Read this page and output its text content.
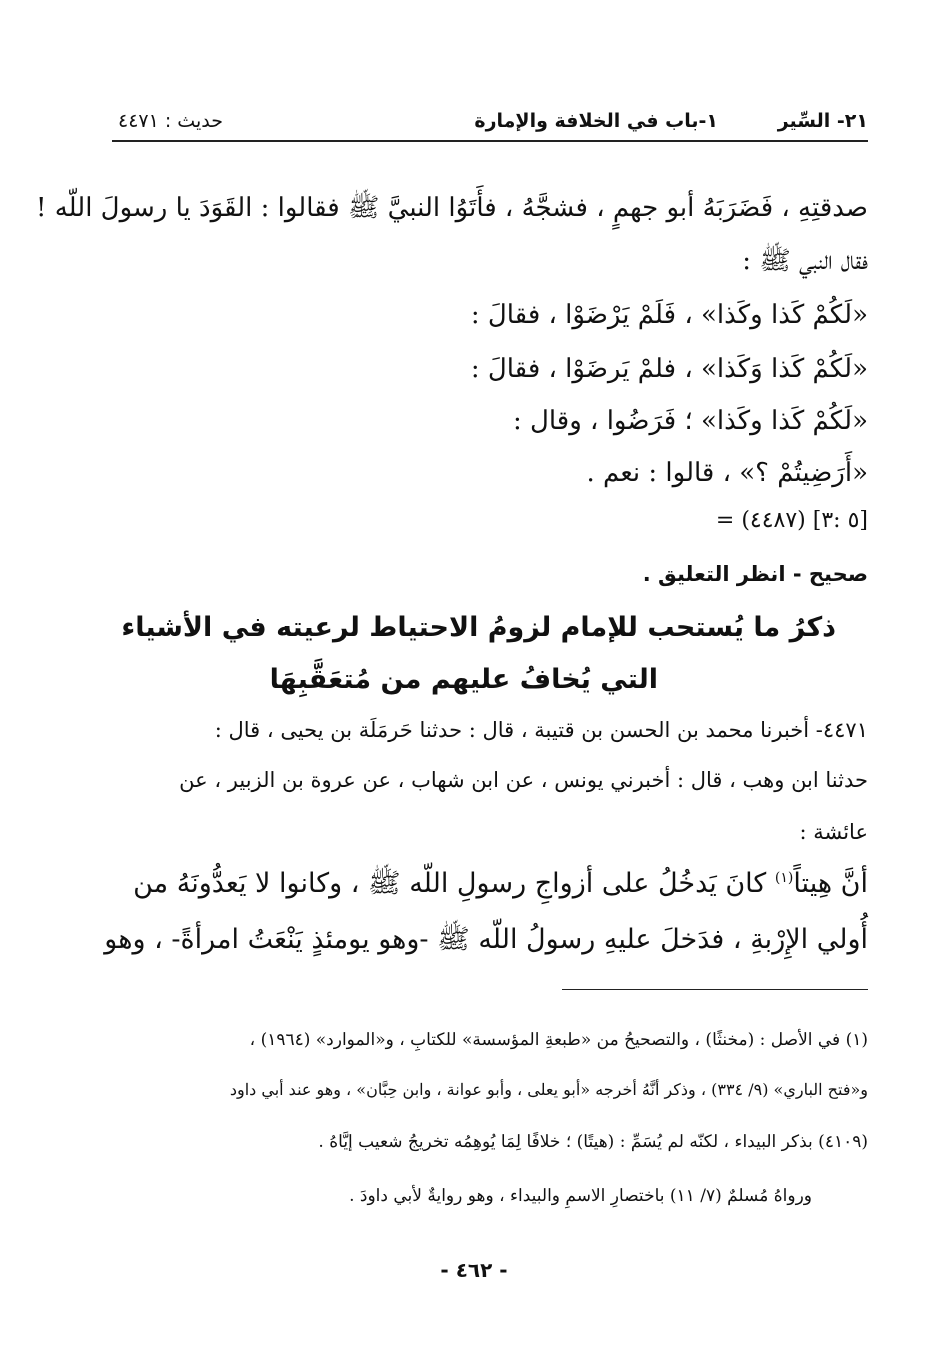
٢١- السِّير
١-باب في الخلافة والإمارة
حديث : ٤٤٧١
صدقتِهِ ، فَضَرَبَهُ أبو جهمٍ ، فشجَّهُ ، فأَتَوُا النبيَّ ﷺ فقالوا : القَوَدَ يا رسولَ اللّه !
فقال النبي ﷺ :
«لَكُمْ كَذا وكَذا» ، فَلَمْ يَرْضَوْا ، فقالَ :
«لَكُمْ كَذا وَكَذا» ، فلمْ يَرضَوْا ، فقالَ :
«لَكُمْ كَذا وكَذا» ؛ فَرَضُوا ، وقال :
«أَرَضِيتُمْ ؟» ، قالوا : نعم .
= (٤٤٨٧) [٥ :٣]
صحيح - انظر التعليق .
ذكرُ ما يُستحب للإمام لزومُ الاحتياط لرعيته في الأشياء
التي يُخافُ عليهم من مُتعَقَّبِهَا
٤٤٧١- أخبرنا محمد بن الحسن بن قتيبة ، قال : حدثنا حَرمَلَة بن يحيى ، قال :
حدثنا ابن وهب ، قال : أخبرني يونس ، عن ابن شهاب ، عن عروة بن الزبير ، عن
عائشة :
أنَّ هِيتاً$^{(١)}$ كانَ يَدخُلُ على أزواجِ رسولِ اللّه ﷺ ، وكانوا لا يَعدُّونَهُ من
أُولي الإِرْبةِ ، فدَخلَ عليهِ رسولُ اللّه ﷺ -وهو يومئذٍ يَنْعَتُ امرأةً- ، وهو
(١) في الأصل : (مخنثًا) ، والتصحيحُ من «طبعةِ المؤسسة» للكتابِ ، و«الموارد» (١٩٦٤) ،
و«فتح الباري» (٩/ ٣٣٤) ، وذكر أنَّهُ أخرجه «أبو يعلى ، وأبو عوانة ، وابن حِبَّان» ، وهو عند أبي داود
(٤١٠٩) بذكر البيداء ، لكنّه لم يُسَمِّ : (هيتًا) ؛ خلافًا لِمَا يُوهِمُه تخريجُ شعيب إيَّاهُ .
ورواهُ مُسلمٌ (٧/ ١١) باختصارِ الاسمِ والبيداء ، وهو روايةٌ لأبي داودَ .
- ٤٦٢ -
